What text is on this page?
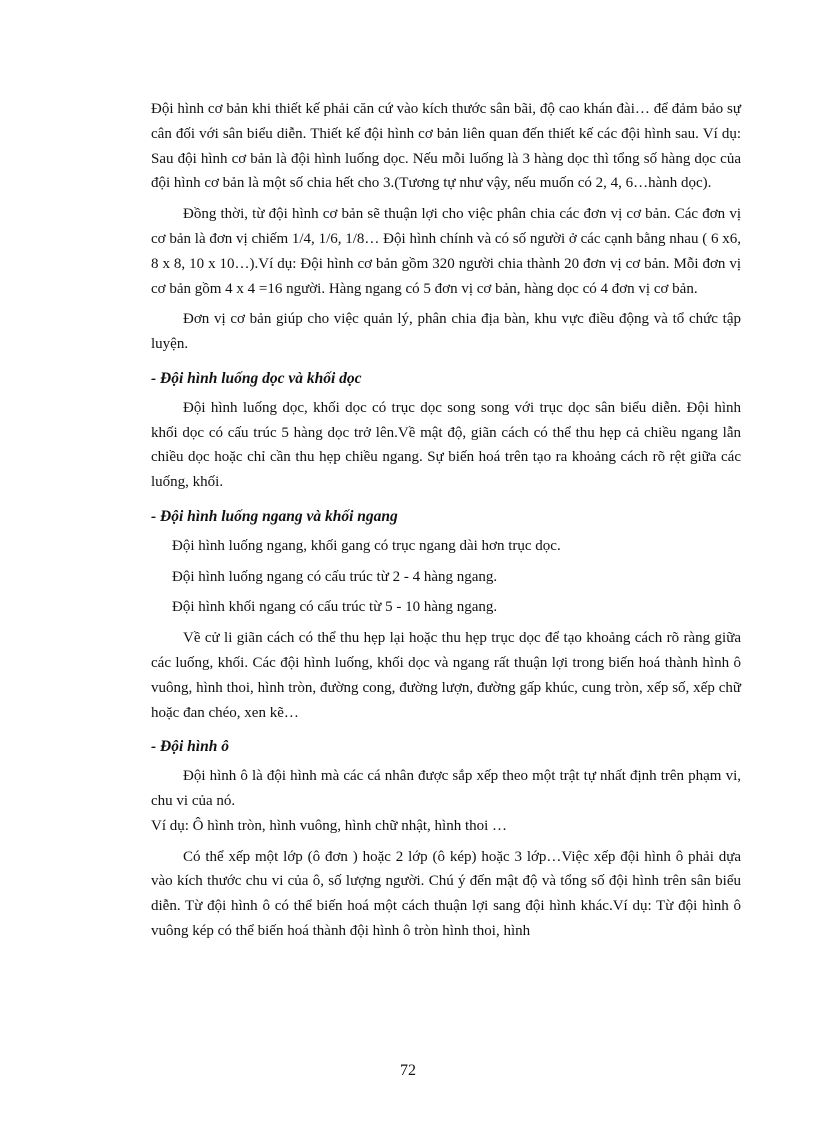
Đội hình cơ bản khi thiết kế phải căn cứ vào kích thước sân bãi, độ cao khán đài… để đảm bảo sự cân đối với sân biểu diễn. Thiết kế đội hình cơ bản liên quan đến thiết kế các đội hình sau. Ví dụ: Sau đội hình cơ bản là đội hình luống dọc. Nếu mỗi luống là 3 hàng dọc thì tổng số hàng dọc của đội hình cơ bản là một số chia hết cho 3.(Tương tự như vậy, nếu muốn có 2, 4, 6…hành dọc).

Đồng thời, từ đội hình cơ bản sẽ thuận lợi cho việc phân chia các đơn vị cơ bản. Các đơn vị cơ bản là đơn vị chiếm 1/4, 1/6, 1/8… Đội hình chính và có số người ở các cạnh bằng nhau ( 6 x6, 8 x 8, 10 x 10…).Ví dụ: Đội hình cơ bản gồm 320 người chia thành 20 đơn vị cơ bản. Mỗi đơn vị cơ bản gồm 4 x 4 =16 người. Hàng ngang có 5 đơn vị cơ bản, hàng dọc có 4 đơn vị cơ bản.

Đơn vị cơ bản giúp cho việc quản lý, phân chia địa bàn, khu vực điều động và tổ chức tập luyện.

- Đội hình luống dọc và khối dọc

Đội hình luống dọc, khối dọc có trục dọc song song với trục dọc sân biểu diễn. Đội hình khối dọc có cấu trúc 5 hàng dọc trở lên.Về mật độ, giãn cách có thể thu hẹp cả chiều ngang lẫn chiều dọc hoặc chỉ cần thu hẹp chiều ngang. Sự biến hoá trên tạo ra khoảng cách rõ rệt giữa các luống, khối.

- Đội hình luống ngang và khối ngang

Đội hình luống ngang, khối gang có trục ngang dài hơn trục dọc.

Đội hình luống ngang có cấu trúc từ 2 - 4 hàng ngang.

Đội hình khối ngang có cấu trúc từ 5 - 10 hàng ngang.

Về cử li giãn cách có thể thu hẹp lại hoặc thu hẹp trục dọc để tạo khoảng cách rõ ràng giữa các luống, khối. Các đội hình luống, khối dọc và ngang rất thuận lợi trong biến hoá thành hình ô vuông, hình thoi, hình tròn, đường cong, đường lượn, đường gấp khúc, cung tròn, xếp số, xếp chữ hoặc đan chéo, xen kẽ…

- Đội hình ô

Đội hình ô là đội hình mà các cá nhân được sắp xếp theo một trật tự nhất định trên phạm vi, chu vi của nó.

Ví dụ: Ô hình tròn, hình vuông, hình chữ nhật, hình thoi …

Có thể xếp một lớp (ô đơn ) hoặc 2 lớp (ô kép) hoặc 3 lớp…Việc xếp đội hình ô phải dựa vào kích thước chu vi của ô, số lượng người. Chú ý đến mật độ và tổng số đội hình trên sân biểu diễn. Từ đội hình ô có thể biến hoá một cách thuận lợi sang đội hình khác.Ví dụ: Từ đội hình ô vuông kép có thể biến hoá thành đội hình ô tròn hình thoi, hình

72
